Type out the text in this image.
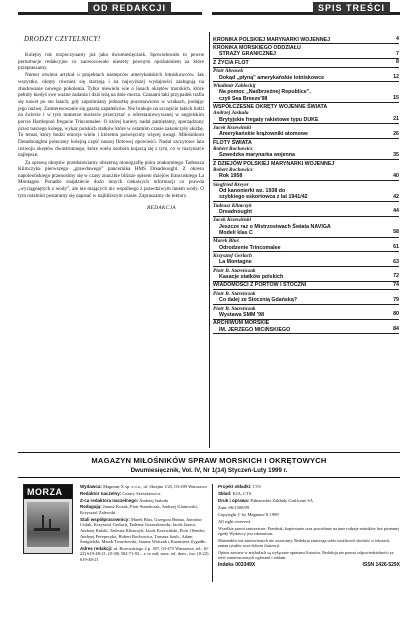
OD REDAKCJI	SPIS TREŚCI
DRODZY CZYTELNICY!

Kolejny rok rozpoczynamy już jako dwumiesięcznik. Spowodowało to pewne perturbacje redakcyjne co zaowocowało niestety pewnym opóźnieniem za które przepraszamy.

Numer otwiera artykuł o projektach nastepców amerykańskich lotniskowców. Jak wszystko, okręty również się starzeją i na najwyższej wydajności zasługują na zbudowanie nowego pokolenia. Tylko niewielu wie o losach okrętów morskich, które pełniły kiedyś swe ważne zadania i dziś leżą na dnie morza. Czasami taki przypadek trafia się nawet po sto latach, gdy zapomniany jednostkę pozostawiono w wrakach, podając jego nazwę. Zainteresowanie się gazetą zapaleńców. Nie brakuje na szczęście takich ludzi na świecie i w tym numerze możecie przeczytać o odrestaurowywanej w angielskim porcie Hartlepool fregacie Trincomalee. O której kariery nadal pamiętamy, sporządzony przez naszego kolegę, wykaz polskich statków które w ostatnim czasie zakończyły służbę. To temat, który budzi emocje wielu i któremu poświęcimy więcej uwagi. Miłośnikom Dreadnoughta polecamy kolejną część naszej flotowej opowieści. Nadal szczytowe lata rozwoju okrętów dwustronnego, które wielu osobom kojarzą się z tym, co w marynarce najlepsze.

Za sprawą okrętów przedstawiamy obszerną monografię pióra znakomitego Tadeusza Klimczyka pierwszego „grawdawego” pancernika HMS Dreadnought. Z okresu napoleońskiego przenosimy się w czasy znacznie bliższe opisem dziejów francuskiego La Montagne. Ponadto znajdziecie dużo innych ciekawych informacji co prawda „wyciągniętych z wody”, ale nie mających nic wspólnego z prawdziwym lanem wody. O tym ostatnim postaramy się napisać w najbliższym czasie. Zapraszamy do lektury.

REDAKCJA
KRONIKA POLSKIEJ MARYNARKI WOJENNEJ	4
KRONIKA MORSKIEGO ODDZIAŁU
STRAŻY GRANICZNEJ	7
Z ŻYCIA FLOT	8
Piotr Abrasek
Dokąd „płyną” amerykańskie lotniskowce	12
Władimir Zabłockij
Na pomoc „Nadbrzeżnej Republice”,
czyli Sea Breeze'98	15
WSPÓŁCZESNE OKRĘTY WOJENNE ŚWIATA
Andrzej Jaskuła
Brytyjskie fregaty rakietowe typu DUKE	21
Jacek Krzewiński
Amerykańskie krążowniki atomowe	26
FLOTY ŚWIATA
Robert Rochowicz
Szwedzka marynarka wojenna	35
Z DZIEJÓW POLSKIEJ MARYNARKI WOJENNEJ
Robert Rochowicz
Rok 1958	40
Siegfried Breyer
Od kanonierki wz. 1938 do
szybkiego eskortowca z lat 1941/42	42
Tadeusz Klimczyk
Dreadnought	44
Jacek Krzewiński
Jeszcze raz o Mistrzostwach Świata NAVIGA
Modeli klas C	58
Marek Bluś
Odrodzenie Trincomalee	61
Krzysztof Gerlach
La Montagne	63
Piotr B. Stareńczak
Kasacje statków polskich	72
WIADOMOŚCI Z PORTÓW I STOCZNI	74
Piotr B. Stareńczak
Co dalej ze Stocznią Gdańską?	79
Piotr B. Stareńczak
Wystawa SMM '98	80
ARCHIWUM MORSKIE
IM. JERZEGO MICIŃSKIEGO	84
MAGAZYN MIŁOŚNIKÓW SPRAW MORSKICH I OKRĘTOWYCH
Dwumiesięcznik, Vol. IV, Nr 1(14) Styczeń-Luty 1999 r.
MORZA

Wydawca: Magnum-X sp. z o.o., ul. Skrajna 1/25, 03-209 Warszawa

Redaktor naczelny: Cezary Szeszkiewicz

Z-ca redaktora naczelnego: Andrzej Jaskuła

Redagują: Janusz Kozak, Piotr Stareńczak, Andrzej Ulanowski, Krzysztof Zalewski

Stali współpracownicy: Marek Bluś, Grzegorz Bułata, Jarosław Cisłak, Krzysztof Gerlach, Tadeusz Grzeszkowski, Jacek Jaszcz, Andrzej Kiński, Tadeusz Klimczyk, Jacek Krzewiński, Piotr Olender, Andrzej Perepeczko, Robert Rochowicz, Tomasz Szulc, Adam Śmigielski, Marek Twardowski, Janusz Walczak i Kazimierz Zygadło.

Adres redakcji: ul. Borowskiego 2 p. 307, 03-475 Warszawa, tel.: (0-22) 619-48-21, (0-38) 302-71-93 – z co mił, nacz. tel. dom., fax: (0-22) 619-48-21

Projekt okładki: CTS

Skład: KJA, CTS

Druk i oprawa: Pabianickie Zakłady Graficzne SA

Zam. 66/1300/99

Copyright © by Magnum-X 1999

All right reserved.

Wszelkie prawa zastrzeżone. Przedruk, kopiowanie oraz powielanie na inne rodzaje nośników bez pisemnej zgody Wydawcy jest zabronione.

Materiałów nie zamówionych nie zwracamy. Redakcja zastrzega sobie możliwość skrótów w tekstach, zmian tytułów oraz doboru ilustracji.

Opinie zawarte w artykułach są wyłącznie opiniami Autorów. Redakcja nie ponosi odpowiedzialności za treść zamieszczonych ogłoszeń i reklam.

Indeks 003349X	ISSN 1426-529X
